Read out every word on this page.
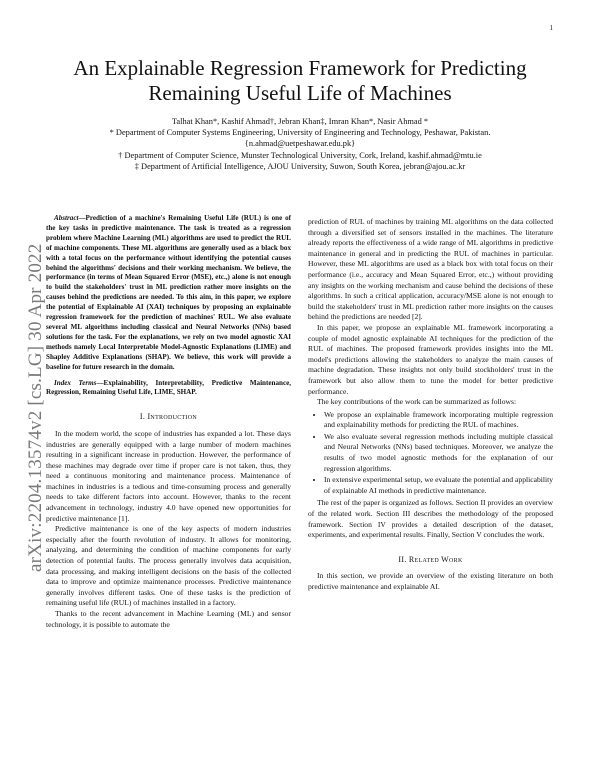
1
arXiv:2204.13574v2 [cs.LG] 30 Apr 2022
An Explainable Regression Framework for Predicting Remaining Useful Life of Machines
Talhat Khan*, Kashif Ahmad†, Jebran Khan‡, Imran Khan*, Nasir Ahmad *
* Department of Computer Systems Engineering, University of Engineering and Technology, Peshawar, Pakistan.
{n.ahmad@uetpeshawar.edu.pk}
† Department of Computer Science, Munster Technological University, Cork, Ireland, kashif.ahmad@mtu.ie
‡ Department of Artificial Intelligence, AJOU University, Suwon, South Korea, jebran@ajou.ac.kr

Abstract—Prediction of a machine's Remaining Useful Life (RUL) is one of the key tasks in predictive maintenance. The task is treated as a regression problem where Machine Learning (ML) algorithms are used to predict the RUL of machine components. These ML algorithms are generally used as a black box with a total focus on the performance without identifying the potential causes behind the algorithms' decisions and their working mechanism. We believe, the performance (in terms of Mean Squared Error (MSE), etc.,) alone is not enough to build the stakeholders' trust in ML prediction rather more insights on the causes behind the predictions are needed. To this aim, in this paper, we explore the potential of Explainable AI (XAI) techniques by proposing an explainable regression framework for the prediction of machines' RUL. We also evaluate several ML algorithms including classical and Neural Networks (NNs) based solutions for the task. For the explanations, we rely on two model agnostic XAI methods namely Local Interpretable Model-Agnostic Explanations (LIME) and Shapley Additive Explanations (SHAP). We believe, this work will provide a baseline for future research in the domain.

Index Terms—Explainability, Interpretability, Predictive Maintenance, Regression, Remaining Useful Life, LIME, SHAP.

I. Introduction

In the modern world, the scope of industries has expanded a lot. These days industries are generally equipped with a large number of modern machines resulting in a significant increase in production. However, the performance of these machines may degrade over time if proper care is not taken, thus, they need a continuous monitoring and maintenance process. Maintenance of machines in industries is a tedious and time-consuming process and generally needs to take different factors into account. However, thanks to the recent advancement in technology, industry 4.0 have opened new opportunities for predictive maintenance [1].

Predictive maintenance is one of the key aspects of modern industries especially after the fourth revolution of industry. It allows for monitoring, analyzing, and determining the condition of machine components for early detection of potential faults. The process generally involves data acquisition, data processing, and making intelligent decisions on the basis of the collected data to improve and optimize maintenance processes. Predictive maintenance generally involves different tasks. One of these tasks is the prediction of remaining useful life (RUL) of machines installed in a factory.

Thanks to the recent advancement in Machine Learning (ML) and sensor technology, it is possible to automate the

prediction of RUL of machines by training ML algorithms on the data collected through a diversified set of sensors installed in the machines. The literature already reports the effectiveness of a wide range of ML algorithms in predictive maintenance in general and in predicting the RUL of machines in particular. However, these ML algorithms are used as a black box with total focus on their performance (i.e., accuracy and Mean Squared Error, etc.,) without providing any insights on the working mechanism and cause behind the decisions of these algorithms. In such a critical application, accuracy/MSE alone is not enough to build the stakeholders' trust in ML prediction rather more insights on the causes behind the predictions are needed [2].

In this paper, we propose an explainable ML framework incorporating a couple of model agnostic explainable AI techniques for the prediction of the RUL of machines. The proposed framework provides insights into the ML model's predictions allowing the stakeholders to analyze the main causes of machine degradation. These insights not only build stockholders' trust in the framework but also allow them to tune the model for better predictive performance.

The key contributions of the work can be summarized as follows:

• We propose an explainable framework incorporating multiple regression and explainability methods for predicting the RUL of machines.
• We also evaluate several regression methods including multiple classical and Neural Networks (NNs) based techniques. Moreover, we analyze the results of two model agnostic methods for the explanation of our regression algorithms.
• In extensive experimental setup, we evaluate the potential and applicability of explainable AI methods in predictive maintenance.

The rest of the paper is organized as follows. Section II provides an overview of the related work. Section III describes the methodology of the proposed framework. Section IV provides a detailed description of the dataset, experiments, and experimental results. Finally, Section V concludes the work.

II. Related Work

In this section, we provide an overview of the existing literature on both predictive maintenance and explainable AI.
